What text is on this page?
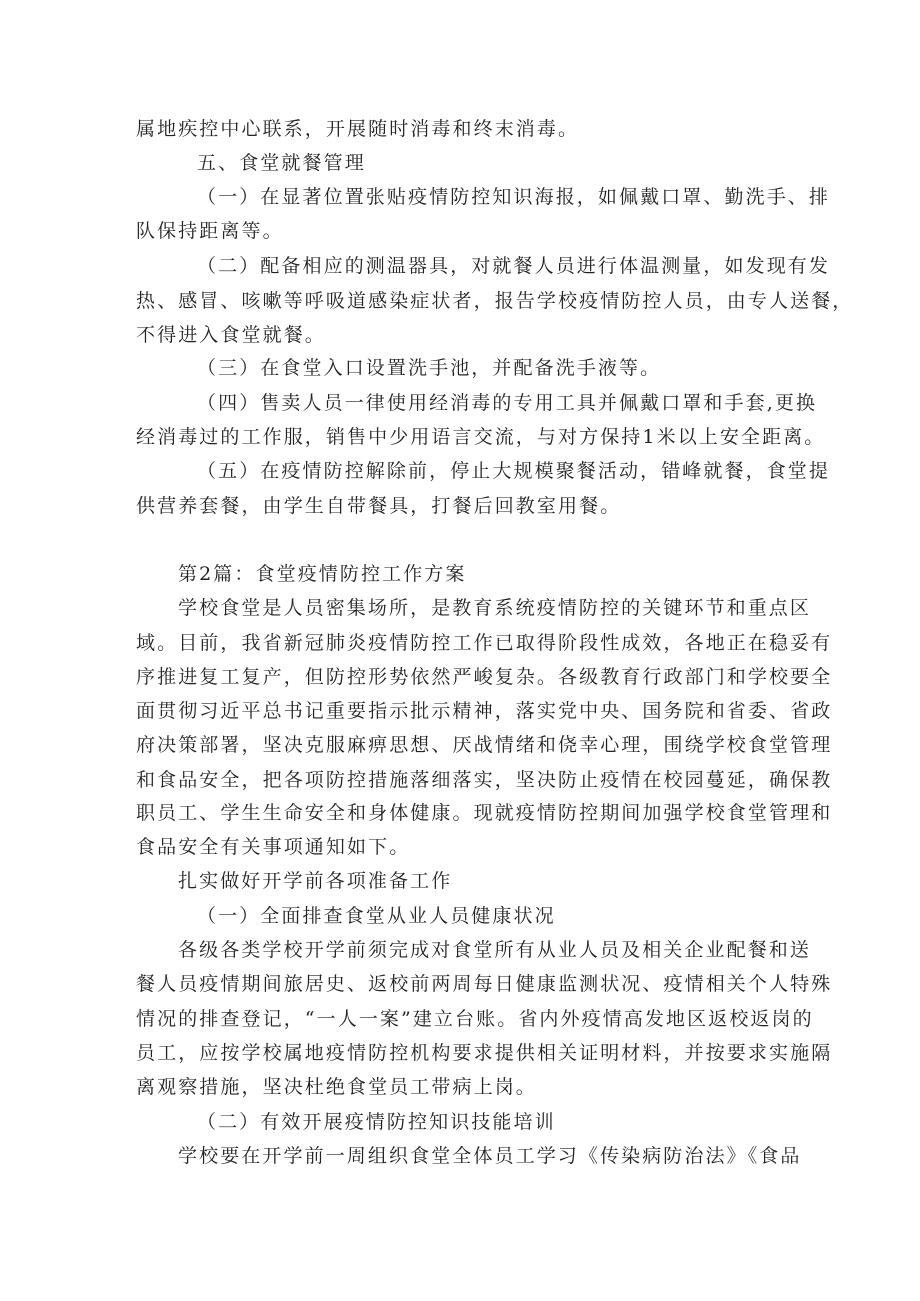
属地疾控中心联系，开展随时消毒和终末消毒。
五、食堂就餐管理
（一）在显著位置张贴疫情防控知识海报，如佩戴口罩、勤洗手、排
队保持距离等。
（二）配备相应的测温器具，对就餐人员进行体温测量，如发现有发
热、感冒、咳嗽等呼吸道感染症状者，报告学校疫情防控人员，由专人送餐，
不得进入食堂就餐。
（三）在食堂入口设置洗手池，并配备洗手液等。
（四）售卖人员一律使用经消毒的专用工具并佩戴口罩和手套,更换
经消毒过的工作服，销售中少用语言交流，与对方保持1米以上安全距离。
（五）在疫情防控解除前，停止大规模聚餐活动，错峰就餐，食堂提
供营养套餐，由学生自带餐具，打餐后回教室用餐。
第2篇：食堂疫情防控工作方案
学校食堂是人员密集场所，是教育系统疫情防控的关键环节和重点区
域。目前，我省新冠肺炎疫情防控工作已取得阶段性成效，各地正在稳妥有
序推进复工复产，但防控形势依然严峻复杂。各级教育行政部门和学校要全
面贯彻习近平总书记重要指示批示精神，落实党中央、国务院和省委、省政
府决策部署，坚决克服麻痹思想、厌战情绪和侥幸心理，围绕学校食堂管理
和食品安全，把各项防控措施落细落实，坚决防止疫情在校园蔓延，确保教
职员工、学生生命安全和身体健康。现就疫情防控期间加强学校食堂管理和
食品安全有关事项通知如下。
扎实做好开学前各项准备工作
（一）全面排查食堂从业人员健康状况
各级各类学校开学前须完成对食堂所有从业人员及相关企业配餐和送
餐人员疫情期间旅居史、返校前两周每日健康监测状况、疫情相关个人特殊
情况的排查登记，“一人一案”建立台账。省内外疫情高发地区返校返岗的
员工，应按学校属地疫情防控机构要求提供相关证明材料，并按要求实施隔
离观察措施，坚决杜绝食堂员工带病上岗。
（二）有效开展疫情防控知识技能培训
学校要在开学前一周组织食堂全体员工学习《传染病防治法》《食品
